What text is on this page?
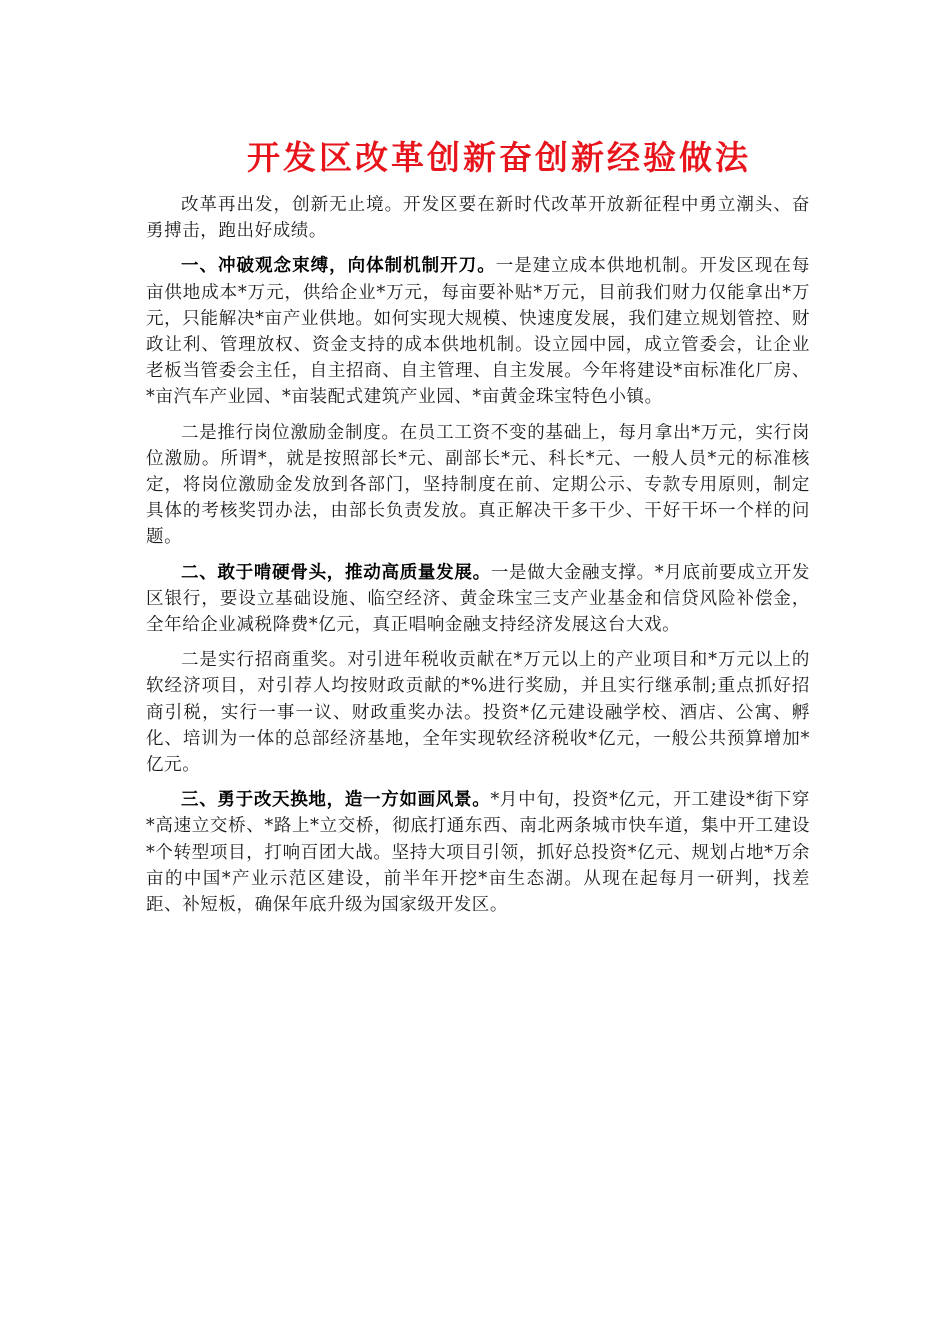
开发区改革创新奋创新经验做法

改革再出发，创新无止境。开发区要在新时代改革开放新征程中勇立潮头、奋勇搏击，跑出好成绩。

一、冲破观念束缚，向体制机制开刀。一是建立成本供地机制。开发区现在每亩供地成本*万元，供给企业*万元，每亩要补贴*万元，目前我们财力仅能拿出*万元，只能解决*亩产业供地。如何实现大规模、快速度发展，我们建立规划管控、财政让利、管理放权、资金支持的成本供地机制。设立园中园，成立管委会，让企业老板当管委会主任，自主招商、自主管理、自主发展。今年将建设*亩标准化厂房、*亩汽车产业园、*亩装配式建筑产业园、*亩黄金珠宝特色小镇。

二是推行岗位激励金制度。在员工工资不变的基础上，每月拿出*万元，实行岗位激励。所谓*，就是按照部长*元、副部长*元、科长*元、一般人员*元的标准核定，将岗位激励金发放到各部门，坚持制度在前、定期公示、专款专用原则，制定具体的考核奖罚办法，由部长负责发放。真正解决干多干少、干好干坏一个样的问题。

二、敢于啃硬骨头，推动高质量发展。一是做大金融支撑。*月底前要成立开发区银行，要设立基础设施、临空经济、黄金珠宝三支产业基金和信贷风险补偿金，全年给企业减税降费*亿元，真正唱响金融支持经济发展这台大戏。

二是实行招商重奖。对引进年税收贡献在*万元以上的产业项目和*万元以上的软经济项目，对引荐人均按财政贡献的*%进行奖励，并且实行继承制;重点抓好招商引税，实行一事一议、财政重奖办法。投资*亿元建设融学校、酒店、公寓、孵化、培训为一体的总部经济基地，全年实现软经济税收*亿元，一般公共预算增加*亿元。

三、勇于改天换地，造一方如画风景。*月中旬，投资*亿元，开工建设*街下穿*高速立交桥、*路上*立交桥，彻底打通东西、南北两条城市快车道，集中开工建设*个转型项目，打响百团大战。坚持大项目引领，抓好总投资*亿元、规划占地*万余亩的中国*产业示范区建设，前半年开挖*亩生态湖。从现在起每月一研判，找差距、补短板，确保年底升级为国家级开发区。
